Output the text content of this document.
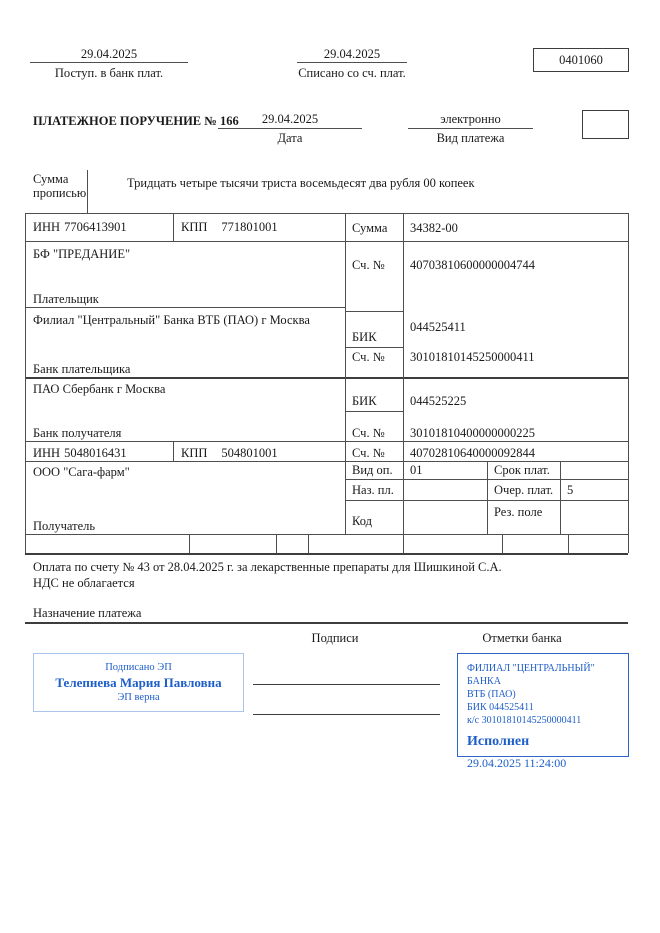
29.04.2025
Поступ. в банк плат.
29.04.2025
Списано со сч. плат.
0401060
ПЛАТЕЖНОЕ ПОРУЧЕНИЕ № 166	29.04.2025
Дата
электронно
Вид платежа
Сумма прописью
Тридцать четыре тысячи триста восемьдесят два рубля 00 копеек
ИНН 7706413901	КПП 771801001	Сумма 34382-00
БФ "ПРЕДАНИЕ"
Сч. № 40703810600000004744
Плательщик
Филиал "Центральный" Банка ВТБ (ПАО) г Москва
БИК
044525411
Сч. № 30101810145250000411
Банк плательщика
ПАО Сбербанк г Москва
БИК	044525225
Сч. № 30101810400000000225
Банк получателя
ИНН 5048016431	КПП 504801001	Сч. № 40702810640000092844
ООО "Сага-фарм"	Вид оп. 01	Срок плат.
Наз. пл.	Очер. плат. 5
Код
Рез. поле
Получатель
Оплата по счету № 43 от 28.04.2025 г. за лекарственные препараты для Шишкиной С.А.
НДС не облагается
Назначение платежа
Подписи	Отметки банка
Подписано ЭП
Телепнева Мария Павловна
ЭП верна
ФИЛИАЛ "ЦЕНТРАЛЬНЫЙ" БАНКА
ВТБ (ПАО)
БИК 044525411
к/с 30101810145250000411
Исполнен
29.04.2025 11:24:00
